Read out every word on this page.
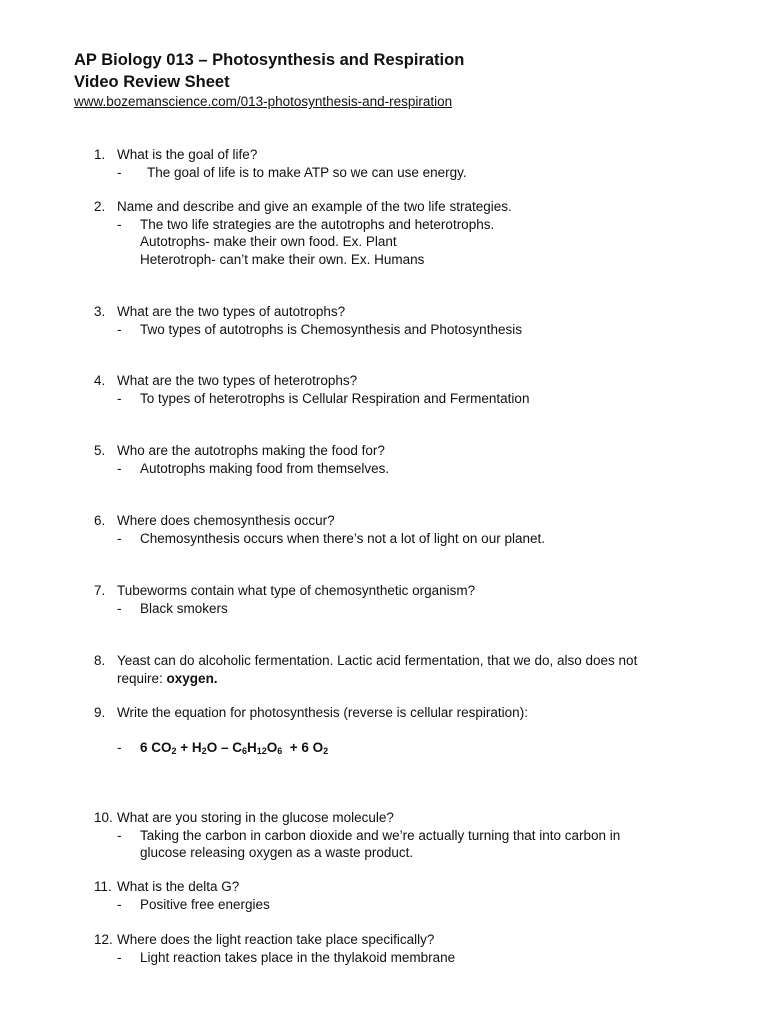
AP Biology 013 – Photosynthesis and Respiration
Video Review Sheet
www.bozemanscience.com/013-photosynthesis-and-respiration
1. What is the goal of life?
- The goal of life is to make ATP so we can use energy.
2. Name and describe and give an example of the two life strategies.
- The two life strategies are the autotrophs and heterotrophs.
Autotrophs- make their own food. Ex. Plant
Heterotroph- can’t make their own. Ex. Humans
3. What are the two types of autotrophs?
- Two types of autotrophs is Chemosynthesis and Photosynthesis
4. What are the two types of heterotrophs?
- To types of heterotrophs is Cellular Respiration and Fermentation
5. Who are the autotrophs making the food for?
- Autotrophs making food from themselves.
6. Where does chemosynthesis occur?
- Chemosynthesis occurs when there’s not a lot of light on our planet.
7. Tubeworms contain what type of chemosynthetic organism?
- Black smokers
8. Yeast can do alcoholic fermentation. Lactic acid fermentation, that we do, also does not
require: oxygen.
9. Write the equation for photosynthesis (reverse is cellular respiration):
- 6 $CO_2 + H_2O - C_6H_{12}O_6 + 6$ $O_2$
10. What are you storing in the glucose molecule?
- Taking the carbon in carbon dioxide and we’re actually turning that into carbon in
glucose releasing oxygen as a waste product.
11. What is the delta G?
- Positive free energies
12. Where does the light reaction take place specifically?
- Light reaction takes place in the thylakoid membrane
